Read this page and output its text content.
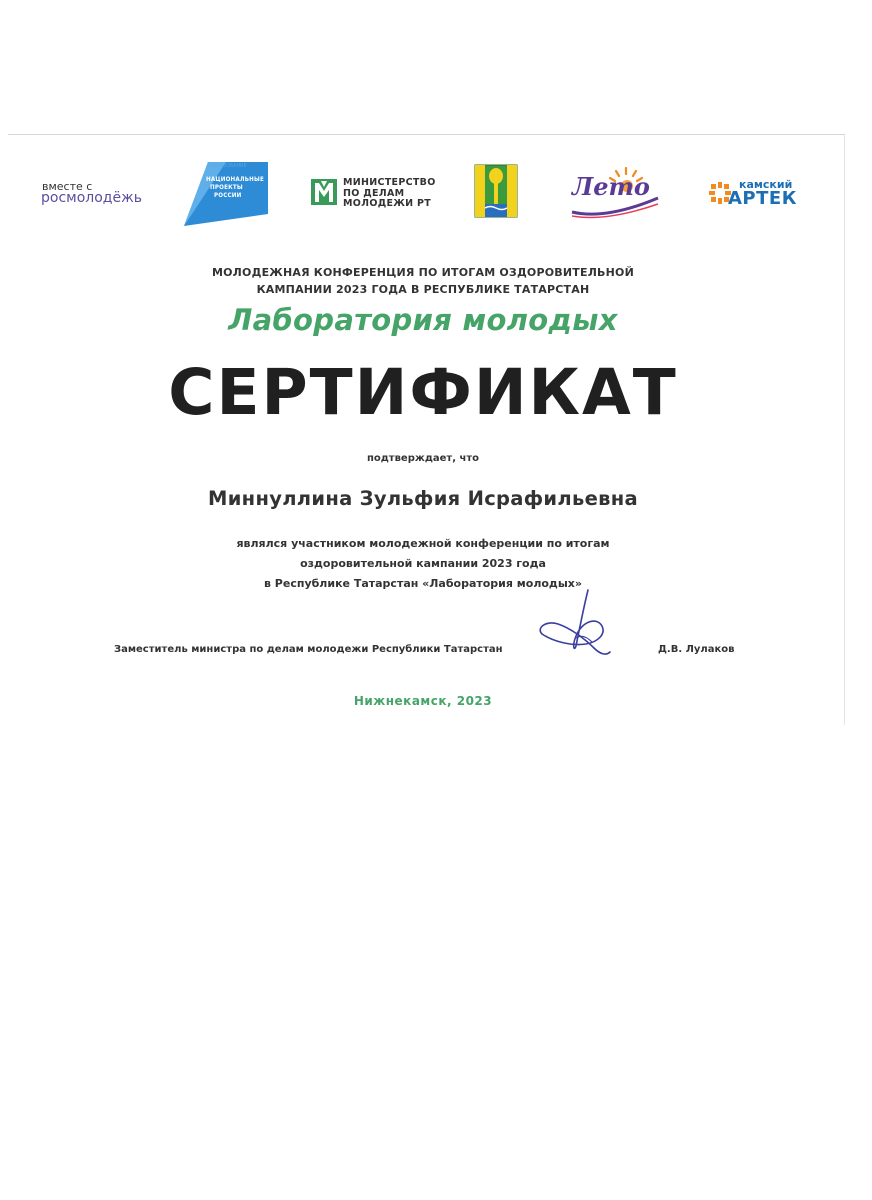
вместе с
росмолодёжь
ОБРАЗОВАНИЕ
НАЦИОНАЛЬНЫЕ
ПРОЕКТЫ
РОССИИ
МИНИСТЕРСТВО
ПО ДЕЛАМ
МОЛОДЕЖИ РТ
Лето	камский
АРТЕК
МОЛОДЕЖНАЯ КОНФЕРЕНЦИЯ ПО ИТОГАМ ОЗДОРОВИТЕЛЬНОЙ
КАМПАНИИ 2023 ГОДА В РЕСПУБЛИКЕ ТАТАРСТАН
Лаборатория молодых
СЕРТИФИКАТ
подтверждает, что
Миннуллина Зульфия Исрафильевна
являлся участником молодежной конференции по итогам
оздоровительной кампании 2023 года
в Республике Татарстан «Лаборатория молодых»
Заместитель министра по делам молодежи Республики Татарстан	Д.В. Лулаков
Нижнекамск, 2023
